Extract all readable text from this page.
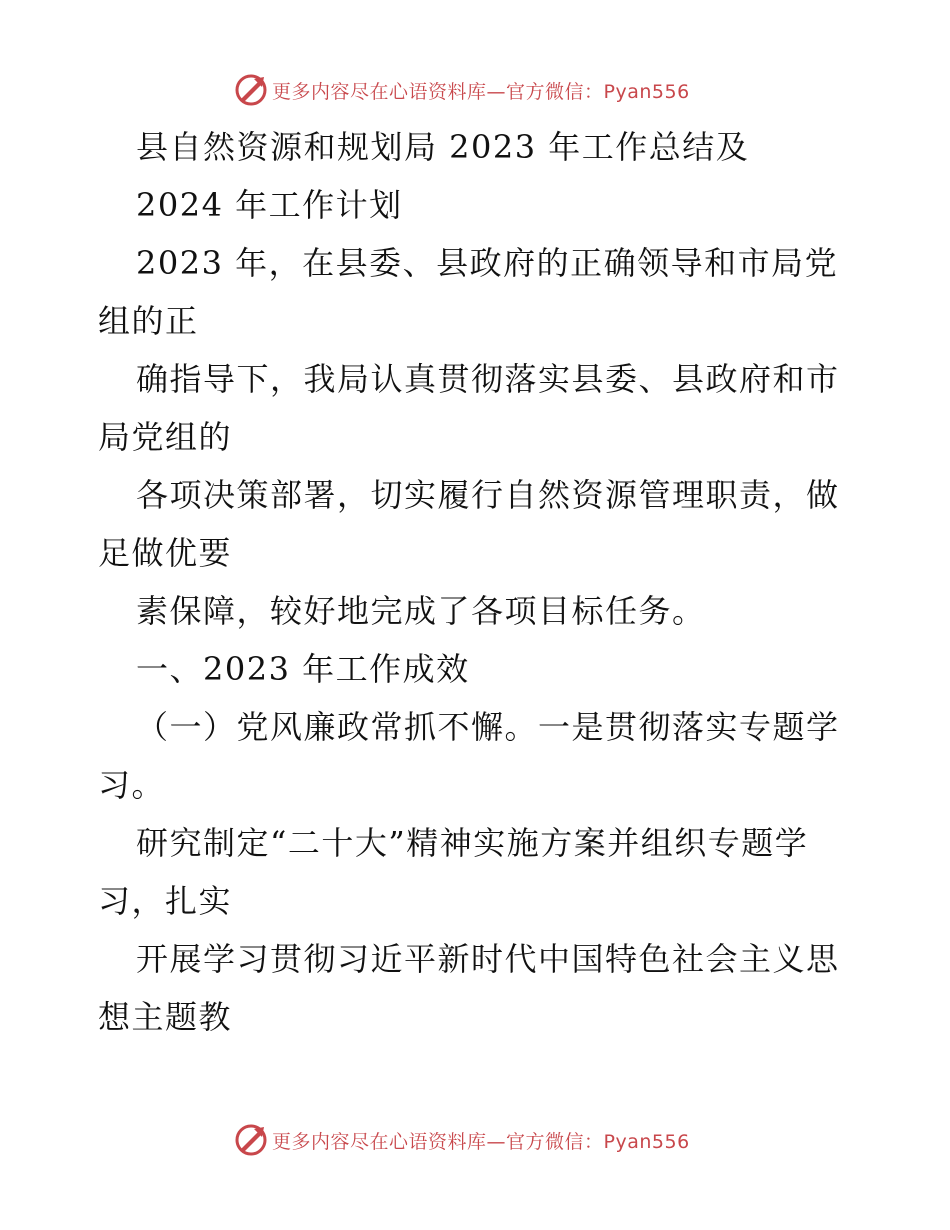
更多内容尽在心语资料库—官方微信：Pyan556
县自然资源和规划局 2023 年工作总结及
2024 年工作计划
2023 年，在县委、县政府的正确领导和市局党
组的正
确指导下，我局认真贯彻落实县委、县政府和市
局党组的
各项决策部署，切实履行自然资源管理职责，做
足做优要
素保障，较好地完成了各项目标任务。
一、2023 年工作成效
（一）党风廉政常抓不懈。一是贯彻落实专题学
习。
研究制定“二十大”精神实施方案并组织专题学
习，扎实
开展学习贯彻习近平新时代中国特色社会主义思
想主题教
更多内容尽在心语资料库—官方微信：Pyan556
